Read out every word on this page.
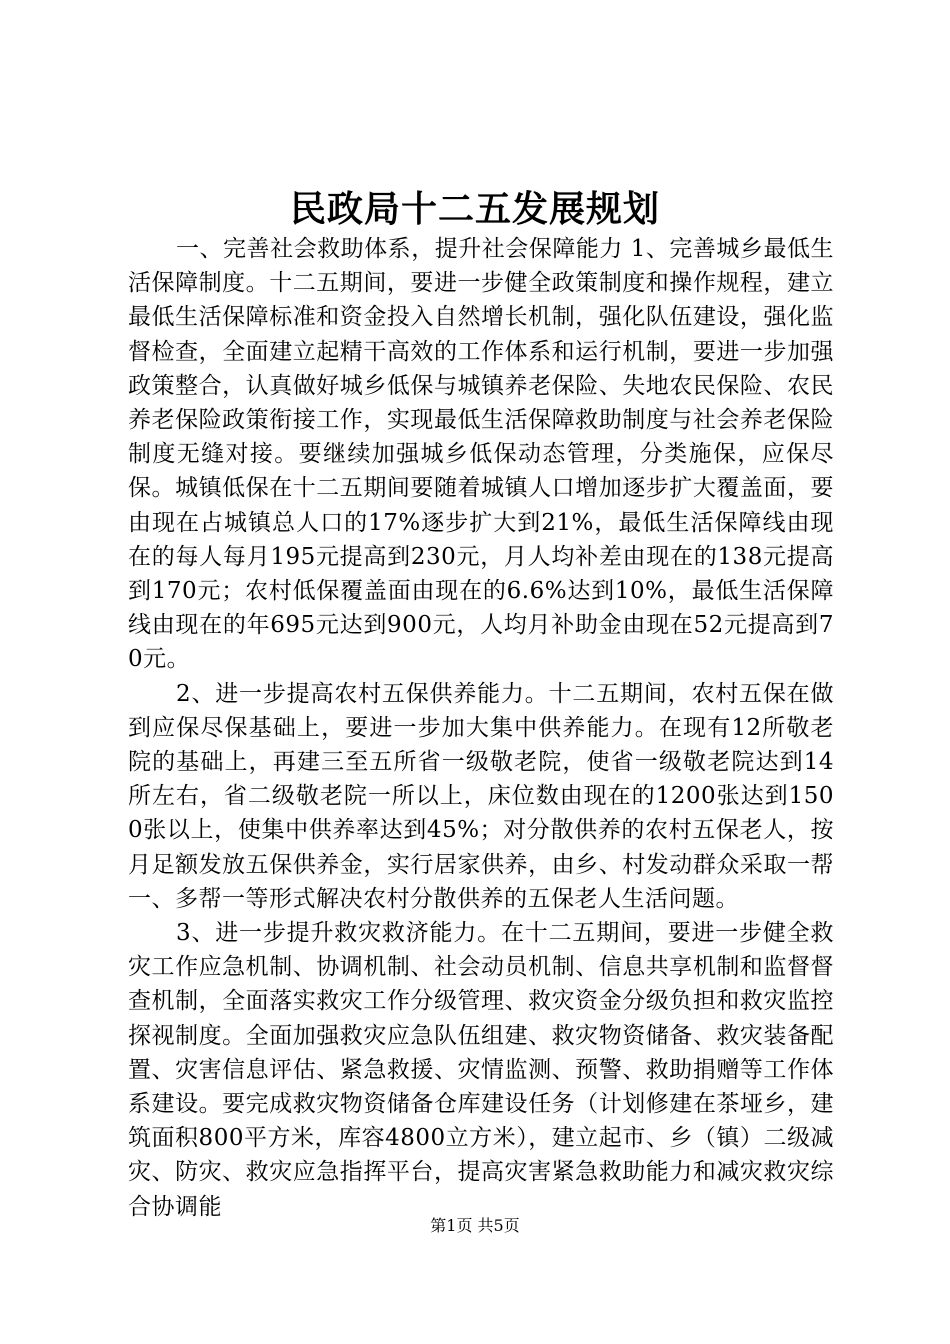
民政局十二五发展规划

一、完善社会救助体系，提升社会保障能力 1、完善城乡最低生活保障制度。十二五期间，要进一步健全政策制度和操作规程，建立最低生活保障标准和资金投入自然增长机制，强化队伍建设，强化监督检查，全面建立起精干高效的工作体系和运行机制，要进一步加强政策整合，认真做好城乡低保与城镇养老保险、失地农民保险、农民养老保险政策衔接工作，实现最低生活保障救助制度与社会养老保险制度无缝对接。要继续加强城乡低保动态管理，分类施保，应保尽保。城镇低保在十二五期间要随着城镇人口增加逐步扩大覆盖面，要由现在占城镇总人口的17%逐步扩大到21%，最低生活保障线由现在的每人每月195元提高到230元，月人均补差由现在的138元提高到170元；农村低保覆盖面由现在的6.6%达到10%，最低生活保障线由现在的年695元达到900元，人均月补助金由现在52元提高到70元。

2、进一步提高农村五保供养能力。十二五期间，农村五保在做到应保尽保基础上，要进一步加大集中供养能力。在现有12所敬老院的基础上，再建三至五所省一级敬老院，使省一级敬老院达到14所左右，省二级敬老院一所以上，床位数由现在的1200张达到1500张以上，使集中供养率达到45%；对分散供养的农村五保老人，按月足额发放五保供养金，实行居家供养，由乡、村发动群众采取一帮一、多帮一等形式解决农村分散供养的五保老人生活问题。

3、进一步提升救灾救济能力。在十二五期间，要进一步健全救灾工作应急机制、协调机制、社会动员机制、信息共享机制和监督督查机制，全面落实救灾工作分级管理、救灾资金分级负担和救灾监控探视制度。全面加强救灾应急队伍组建、救灾物资储备、救灾装备配置、灾害信息评估、紧急救援、灾情监测、预警、救助捐赠等工作体系建设。要完成救灾物资储备仓库建设任务（计划修建在茶垭乡，建筑面积800平方米，库容4800立方米），建立起市、乡（镇）二级减灾、防灾、救灾应急指挥平台，提高灾害紧急救助能力和减灾救灾综合协调能

第1页 共5页
